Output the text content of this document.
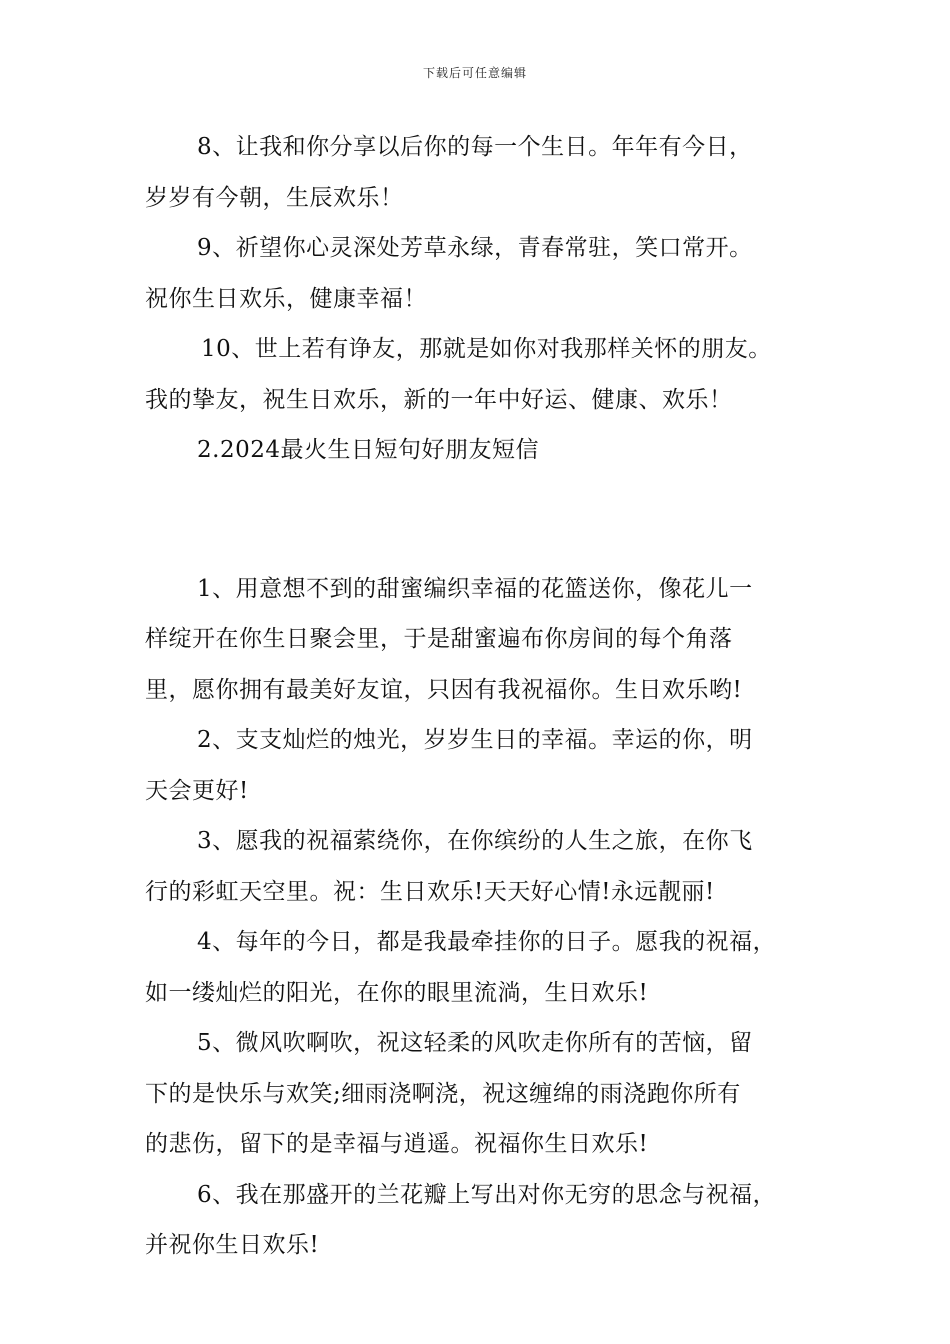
下载后可任意编辑
8、让我和你分享以后你的每一个生日。年年有今日，
岁岁有今朝，生辰欢乐！
9、祈望你心灵深处芳草永绿，青春常驻，笑口常开。
祝你生日欢乐，健康幸福！
10、世上若有诤友，那就是如你对我那样关怀的朋友。
我的挚友，祝生日欢乐，新的一年中好运、健康、欢乐！
2.2024最火生日短句好朋友短信
1、用意想不到的甜蜜编织幸福的花篮送你，像花儿一
样绽开在你生日聚会里，于是甜蜜遍布你房间的每个角落
里，愿你拥有最美好友谊，只因有我祝福你。生日欢乐哟!
2、支支灿烂的烛光，岁岁生日的幸福。幸运的你，明
天会更好!
3、愿我的祝福萦绕你，在你缤纷的人生之旅，在你飞
行的彩虹天空里。祝：生日欢乐!天天好心情!永远靓丽!
4、每年的今日，都是我最牵挂你的日子。愿我的祝福，
如一缕灿烂的阳光，在你的眼里流淌，生日欢乐!
5、微风吹啊吹，祝这轻柔的风吹走你所有的苦恼，留
下的是快乐与欢笑;细雨浇啊浇，祝这缠绵的雨浇跑你所有
的悲伤，留下的是幸福与逍遥。祝福你生日欢乐!
6、我在那盛开的兰花瓣上写出对你无穷的思念与祝福，
并祝你生日欢乐!
